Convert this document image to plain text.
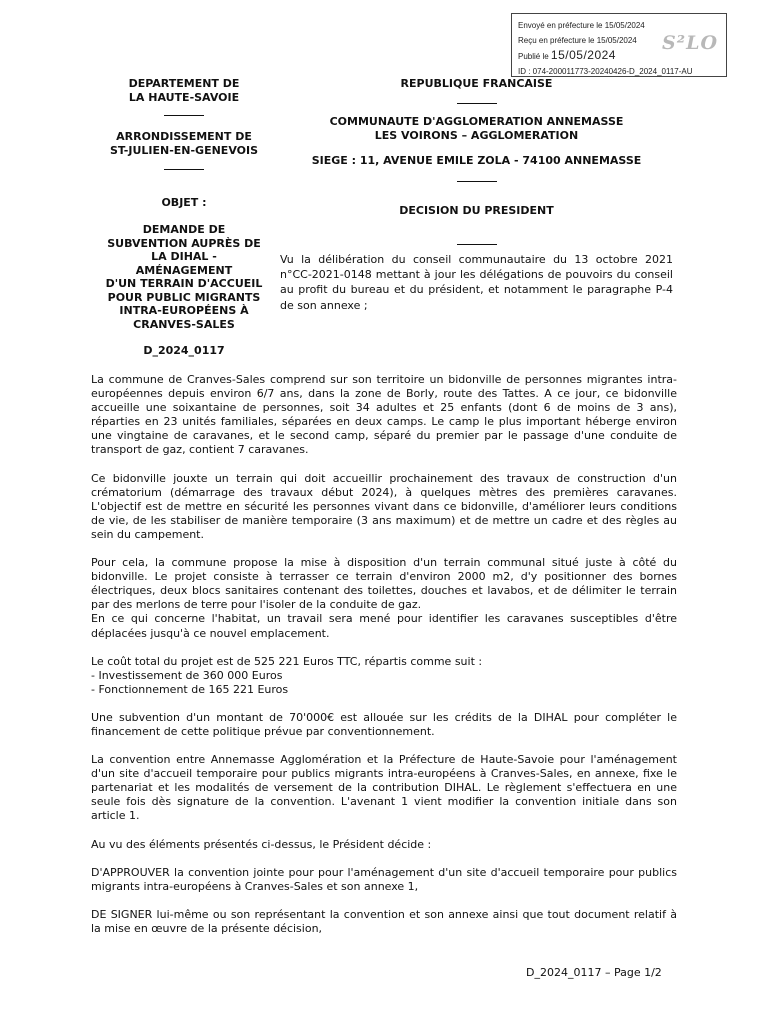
Envoyé en préfecture le 15/05/2024
Reçu en préfecture le 15/05/2024
Publié le 15/05/2024
ID : 074-200011773-20240426-D_2024_0117-AU
S²LO
DEPARTEMENT DE
LA HAUTE-SAVOIE
ARRONDISSEMENT DE
ST-JULIEN-EN-GENEVOIS
OBJET :
DEMANDE DE
SUBVENTION AUPRÈS DE
LA DIHAL -
AMÉNAGEMENT
D'UN TERRAIN D'ACCUEIL
POUR PUBLIC MIGRANTS
INTRA-EUROPÉENS À
CRANVES-SALES
D_2024_0117
REPUBLIQUE FRANCAISE
COMMUNAUTE D'AGGLOMERATION ANNEMASSE
LES VOIRONS – AGGLOMERATION
SIEGE : 11, AVENUE EMILE ZOLA - 74100 ANNEMASSE
DECISION DU PRESIDENT
Vu la délibération du conseil communautaire du 13 octobre 2021 n°CC-2021-0148 mettant à jour les délégations de pouvoirs du conseil au profit du bureau et du président, et notamment le paragraphe P-4 de son annexe ;

La commune de Cranves-Sales comprend sur son territoire un bidonville de personnes migrantes intra-européennes depuis environ 6/7 ans, dans la zone de Borly, route des Tattes. A ce jour, ce bidonville accueille une soixantaine de personnes, soit 34 adultes et 25 enfants (dont 6 de moins de 3 ans), réparties en 23 unités familiales, séparées en deux camps. Le camp le plus important héberge environ une vingtaine de caravanes, et le second camp, séparé du premier par le passage d'une conduite de transport de gaz, contient 7 caravanes.

Ce bidonville jouxte un terrain qui doit accueillir prochainement des travaux de construction d'un crématorium (démarrage des travaux début 2024), à quelques mètres des premières caravanes. L'objectif est de mettre en sécurité les personnes vivant dans ce bidonville, d'améliorer leurs conditions de vie, de les stabiliser de manière temporaire (3 ans maximum) et de mettre un cadre et des règles au sein du campement.

Pour cela, la commune propose la mise à disposition d'un terrain communal situé juste à côté du bidonville. Le projet consiste à terrasser ce terrain d'environ 2000 m2, d'y positionner des bornes électriques, deux blocs sanitaires contenant des toilettes, douches et lavabos, et de délimiter le terrain par des merlons de terre pour l'isoler de la conduite de gaz.

En ce qui concerne l'habitat, un travail sera mené pour identifier les caravanes susceptibles d'être déplacées jusqu'à ce nouvel emplacement.

Le coût total du projet est de 525 221 Euros TTC, répartis comme suit :

- Investissement de 360 000 Euros

- Fonctionnement de 165 221 Euros

Une subvention d'un montant de 70'000€ est allouée sur les crédits de la DIHAL pour compléter le financement de cette politique prévue par conventionnement.

La convention entre Annemasse Agglomération et la Préfecture de Haute-Savoie pour l'aménagement d'un site d'accueil temporaire pour publics migrants intra-européens à Cranves-Sales, en annexe, fixe le partenariat et les modalités de versement de la contribution DIHAL. Le règlement s'effectuera en une seule fois dès signature de la convention. L'avenant 1 vient modifier la convention initiale dans son article 1.

Au vu des éléments présentés ci-dessus, le Président décide :

D'APPROUVER la convention jointe pour pour l'aménagement d'un site d'accueil temporaire pour publics migrants intra-européens à Cranves-Sales et son annexe 1,

DE SIGNER lui-même ou son représentant la convention et son annexe ainsi que tout document relatif à la mise en œuvre de la présente décision,

D_2024_0117 – Page 1/2
